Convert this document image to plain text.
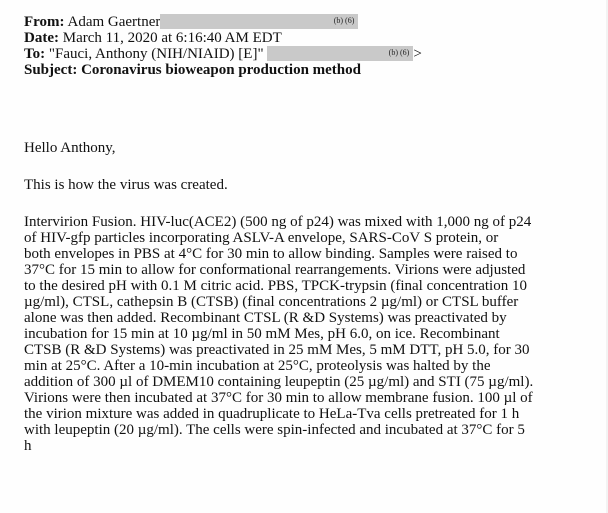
From: Adam Gaertner	(b) (6)
Date: March 11, 2020 at 6:16:40 AM EDT
To: "Fauci, Anthony (NIH/NIAID) [E]"	(b) (6) >
Subject: Coronavirus bioweapon production method
Hello Anthony,
This is how the virus was created.
Intervirion Fusion. HIV-luc(ACE2) (500 ng of p24) was mixed with 1,000 ng of p24
of HIV-gfp particles incorporating ASLV-A envelope, SARS-CoV S protein, or
both envelopes in PBS at 4°C for 30 min to allow binding. Samples were raised to
37°C for 15 min to allow for conformational rearrangements. Virions were adjusted
to the desired pH with 0.1 M citric acid. PBS, TPCK-trypsin (final concentration 10
µg/ml), CTSL, cathepsin B (CTSB) (final concentrations 2 µg/ml) or CTSL buffer
alone was then added. Recombinant CTSL (R &D Systems) was preactivated by
incubation for 15 min at 10 µg/ml in 50 mM Mes, pH 6.0, on ice. Recombinant
CTSB (R &D Systems) was preactivated in 25 mM Mes, 5 mM DTT, pH 5.0, for 30
min at 25°C. After a 10-min incubation at 25°C, proteolysis was halted by the
addition of 300 µl of DMEM10 containing leupeptin (25 µg/ml) and STI (75 µg/ml).
Virions were then incubated at 37°C for 30 min to allow membrane fusion. 100 µl of
the virion mixture was added in quadruplicate to HeLa-Tva cells pretreated for 1 h
with leupeptin (20 µg/ml). The cells were spin-infected and incubated at 37°C for 5
h
